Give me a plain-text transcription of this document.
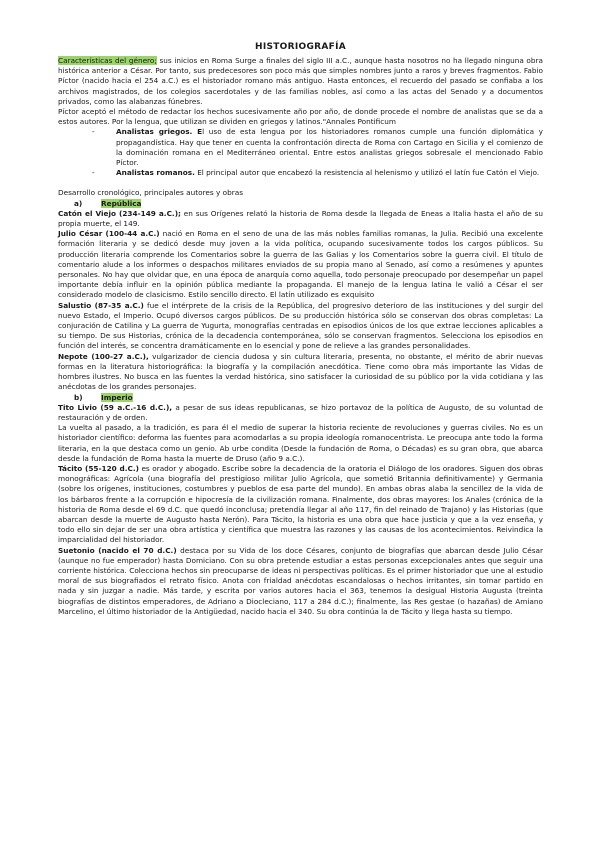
HISTORIOGRAFÍA

Características del género; sus inicios en Roma Surge a finales del siglo III a.C., aunque hasta nosotros no ha llegado ninguna obra histórica anterior a César. Por tanto, sus predecesores son poco más que simples nombres junto a raros y breves fragmentos. Fabio Píctor (nacido hacia el 254 a.C.) es el historiador romano más antiguo. Hasta entonces, el recuerdo del pasado se confiaba a los archivos magistrados, de los colegios sacerdotales y de las familias nobles, así como a las actas del Senado y a documentos privados, como las alabanzas fúnebres.

Píctor aceptó el método de redactar los hechos sucesivamente año por año, de donde procede el nombre de analistas que se da a estos autores. Por la lengua, que utilizan se dividen en griegos y latinos."Annales Pontificum

- Analistas griegos. El uso de esta lengua por los historiadores romanos cumple una función diplomática y propagandística. Hay que tener en cuenta la confrontación directa de Roma con Cartago en Sicilia y el comienzo de la dominación romana en el Mediterráneo oriental. Entre estos analistas griegos sobresale el mencionado Fabio Píctor.
- Analistas romanos. El principal autor que encabezó la resistencia al helenismo y utilizó el latín fue Catón el Viejo.

Desarrollo cronológico, principales autores y obras

a)	República

Catón el Viejo (234-149 a.C.); en sus Orígenes relató la historia de Roma desde la llegada de Eneas a Italia hasta el año de su propia muerte, el 149.

Julio César (100-44 a.C.) nació en Roma en el seno de una de las más nobles familias romanas, la Julia. Recibió una excelente formación literaria y se dedicó desde muy joven a la vida política, ocupando sucesivamente todos los cargos públicos. Su producción literaria comprende los Comentarios sobre la guerra de las Galias y los Comentarios sobre la guerra civil. El título de comentario alude a los informes o despachos militares enviados de su propia mano al Senado, así como a resúmenes y apuntes personales. No hay que olvidar que, en una época de anarquía como aquella, todo personaje preocupado por desempeñar un papel importante debía influir en la opinión pública mediante la propaganda. El manejo de la lengua latina le valió a César el ser considerado modelo de clasicismo. Estilo sencillo directo. El latín utilizado es exquisito

Salustio (87-35 a.C.) fue el intérprete de la crisis de la República, del progresivo deterioro de las instituciones y del surgir del nuevo Estado, el Imperio. Ocupó diversos cargos públicos. De su producción histórica sólo se conservan dos obras completas: La conjuración de Catilina y La guerra de Yugurta, monografías centradas en episodios únicos de los que extrae lecciones aplicables a su tiempo. De sus Historias, crónica de la decadencia contemporánea, sólo se conservan fragmentos. Selecciona los episodios en función del interés, se concentra dramáticamente en lo esencial y pone de relieve a las grandes personalidades.

Nepote (100-27 a.C.), vulgarizador de ciencia dudosa y sin cultura literaria, presenta, no obstante, el mérito de abrir nuevas formas en la literatura historiográfica: la biografía y la compilación anecdótica. Tiene como obra más importante las Vidas de hombres ilustres. No busca en las fuentes la verdad histórica, sino satisfacer la curiosidad de su público por la vida cotidiana y las anécdotas de los grandes personajes.

b)	Imperio

Tito Livio (59 a.C.-16 d.C.), a pesar de sus ideas republicanas, se hizo portavoz de la política de Augusto, de su voluntad de restauración y de orden.

La vuelta al pasado, a la tradición, es para él el medio de superar la historia reciente de revoluciones y guerras civiles. No es un historiador científico: deforma las fuentes para acomodarlas a su propia ideología romanocentrista. Le preocupa ante todo la forma literaria, en la que destaca como un genio. Ab urbe condita (Desde la fundación de Roma, o Décadas) es su gran obra, que abarca desde la fundación de Roma hasta la muerte de Druso (año 9 a.C.).

Tácito (55-120 d.C.) es orador y abogado. Escribe sobre la decadencia de la oratoria el Diálogo de los oradores. Siguen dos obras monográficas: Agrícola (una biografía del prestigioso militar Julio Agrícola, que sometió Britannia definitivamente) y Germania (sobre los orígenes, instituciones, costumbres y pueblos de esa parte del mundo). En ambas obras alaba la sencillez de la vida de los bárbaros frente a la corrupción e hipocresía de la civilización romana. Finalmente, dos obras mayores: los Anales (crónica de la historia de Roma desde el 69 d.C. que quedó inconclusa; pretendía llegar al año 117, fin del reinado de Trajano) y las Historias (que abarcan desde la muerte de Augusto hasta Nerón). Para Tácito, la historia es una obra que hace justicia y que a la vez enseña, y todo ello sin dejar de ser una obra artística y científica que muestra las razones y las causas de los acontecimientos. Reivindica la imparcialidad del historiador.

Suetonio (nacido el 70 d.C.) destaca por su Vida de los doce Césares, conjunto de biografías que abarcan desde Julio César (aunque no fue emperador) hasta Domiciano. Con su obra pretende estudiar a estas personas excepcionales antes que seguir una corriente histórica. Colecciona hechos sin preocuparse de ideas ni perspectivas políticas. Es el primer historiador que une al estudio moral de sus biografiados el retrato físico. Anota con frialdad anécdotas escandalosas o hechos irritantes, sin tomar partido en nada y sin juzgar a nadie. Más tarde, y escrita por varios autores hacia el 363, tenemos la desigual Historia Augusta (treinta biografías de distintos emperadores, de Adriano a Diocleciano, 117 a 284 d.C.); finalmente, las Res gestae (o hazañas) de Amiano Marcelino, el último historiador de la Antigüedad, nacido hacia el 340. Su obra continúa la de Tácito y llega hasta su tiempo.
